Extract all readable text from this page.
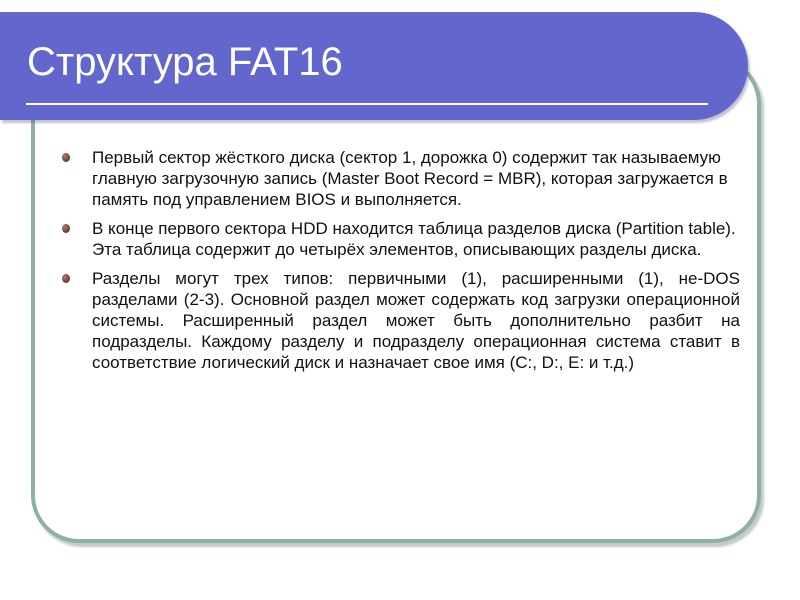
Структура FAT16
Первый сектор жёсткого диска (сектор 1, дорожка 0) содержит так называемую главную загрузочную запись (Master Boot Record = MBR), которая загружается в память под управлением BIOS и выполняется.
В конце первого сектора HDD находится таблица разделов диска (Partition table). Эта таблица содержит до четырёх элементов, описывающих разделы диска.
Разделы могут трех типов: первичными (1), расширенными (1), не-DOS разделами (2-3). Основной раздел может содержать код загрузки операционной системы. Расширенный раздел может быть дополнительно разбит на подразделы. Каждому разделу и подразделу операционная система ставит в соответствие логический диск и назначает свое имя (C:, D:, E: и т.д.)
